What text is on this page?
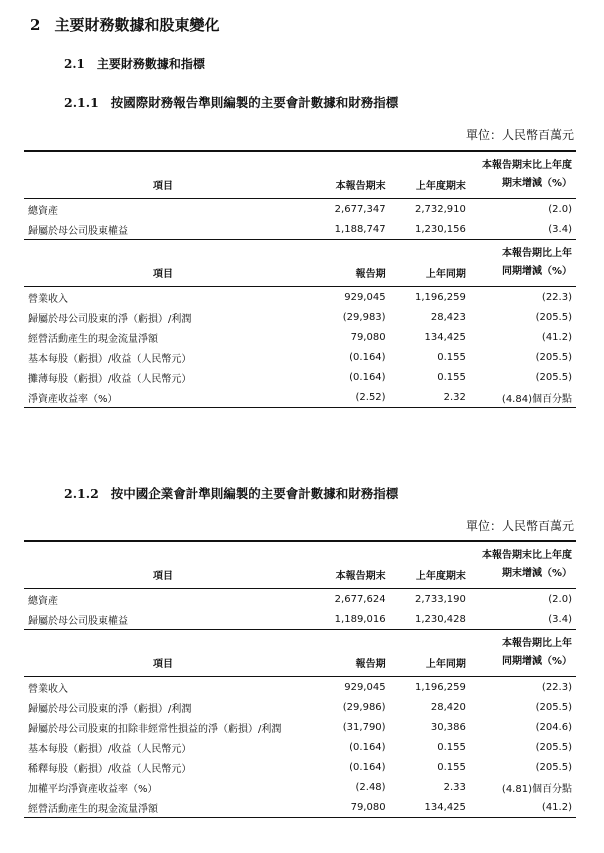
2 主要財務數據和股東變化
2.1 主要財務數據和指標
2.1.1 按國際財務報告準則編製的主要會計數據和財務指標
單位：人民幣百萬元
項目	本報告期末	上年度期末	本報告期末比上年度
期末增減（%）

總資產	2,677,347	2,732,910	(2.0)
歸屬於母公司股東權益	1,188,747	1,230,156	(3.4)
項目	報告期	上年同期	本報告期比上年
同期增減（%）

營業收入	929,045	1,196,259	(22.3)
歸屬於母公司股東的淨（虧損）/利潤	(29,983)	28,423	(205.5)
經營活動產生的現金流量淨額	79,080	134,425	(41.2)
基本每股（虧損）/收益（人民幣元）	(0.164)	0.155	(205.5)
攤薄每股（虧損）/收益（人民幣元）	(0.164)	0.155	(205.5)
淨資產收益率（%）	(2.52)	2.32	(4.84)個百分點
2.1.2 按中國企業會計準則編製的主要會計數據和財務指標
單位：人民幣百萬元
項目	本報告期末	上年度期末	本報告期末比上年度
期末增減（%）

總資產	2,677,624	2,733,190	(2.0)
歸屬於母公司股東權益	1,189,016	1,230,428	(3.4)
項目	報告期	上年同期	本報告期比上年
同期增減（%）

營業收入	929,045	1,196,259	(22.3)
歸屬於母公司股東的淨（虧損）/利潤	(29,986)	28,420	(205.5)
歸屬於母公司股東的扣除非經常性損益的淨（虧損）/利潤	(31,790)	30,386	(204.6)
基本每股（虧損）/收益（人民幣元）	(0.164)	0.155	(205.5)
稀釋每股（虧損）/收益（人民幣元）	(0.164)	0.155	(205.5)
加權平均淨資產收益率（%）	(2.48)	2.33	(4.81)個百分點
經營活動產生的現金流量淨額	79,080	134,425	(41.2)
